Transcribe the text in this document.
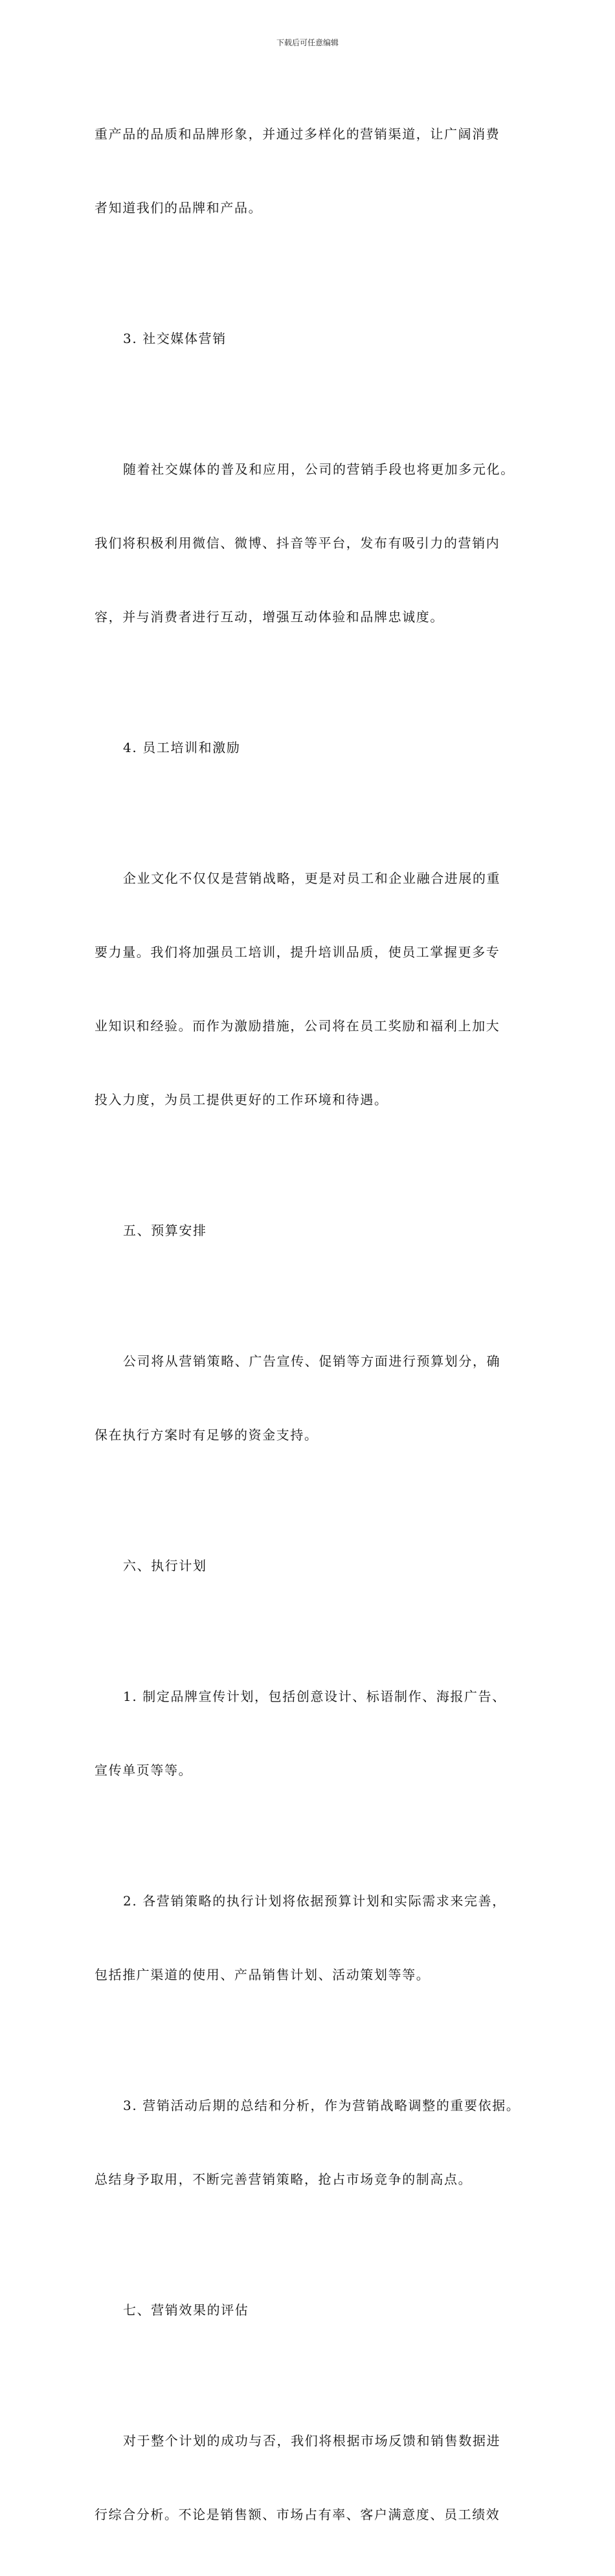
下载后可任意编辑

重产品的品质和品牌形象，并通过多样化的营销渠道，让广阔消费

者知道我们的品牌和产品。

3. 社交媒体营销

随着社交媒体的普及和应用，公司的营销手段也将更加多元化。

我们将积极利用微信、微博、抖音等平台，发布有吸引力的营销内

容，并与消费者进行互动，增强互动体验和品牌忠诚度。

4. 员工培训和激励

企业文化不仅仅是营销战略，更是对员工和企业融合进展的重

要力量。我们将加强员工培训，提升培训品质，使员工掌握更多专

业知识和经验。而作为激励措施，公司将在员工奖励和福利上加大

投入力度，为员工提供更好的工作环境和待遇。

五、预算安排

公司将从营销策略、广告宣传、促销等方面进行预算划分，确

保在执行方案时有足够的资金支持。

六、执行计划

1. 制定品牌宣传计划，包括创意设计、标语制作、海报广告、

宣传单页等等。

2. 各营销策略的执行计划将依据预算计划和实际需求来完善，

包括推广渠道的使用、产品销售计划、活动策划等等。

3. 营销活动后期的总结和分析，作为营销战略调整的重要依据。

总结身予取用，不断完善营销策略，抢占市场竞争的制高点。

七、营销效果的评估

对于整个计划的成功与否，我们将根据市场反馈和销售数据进

行综合分析。不论是销售额、市场占有率、客户满意度、员工绩效
